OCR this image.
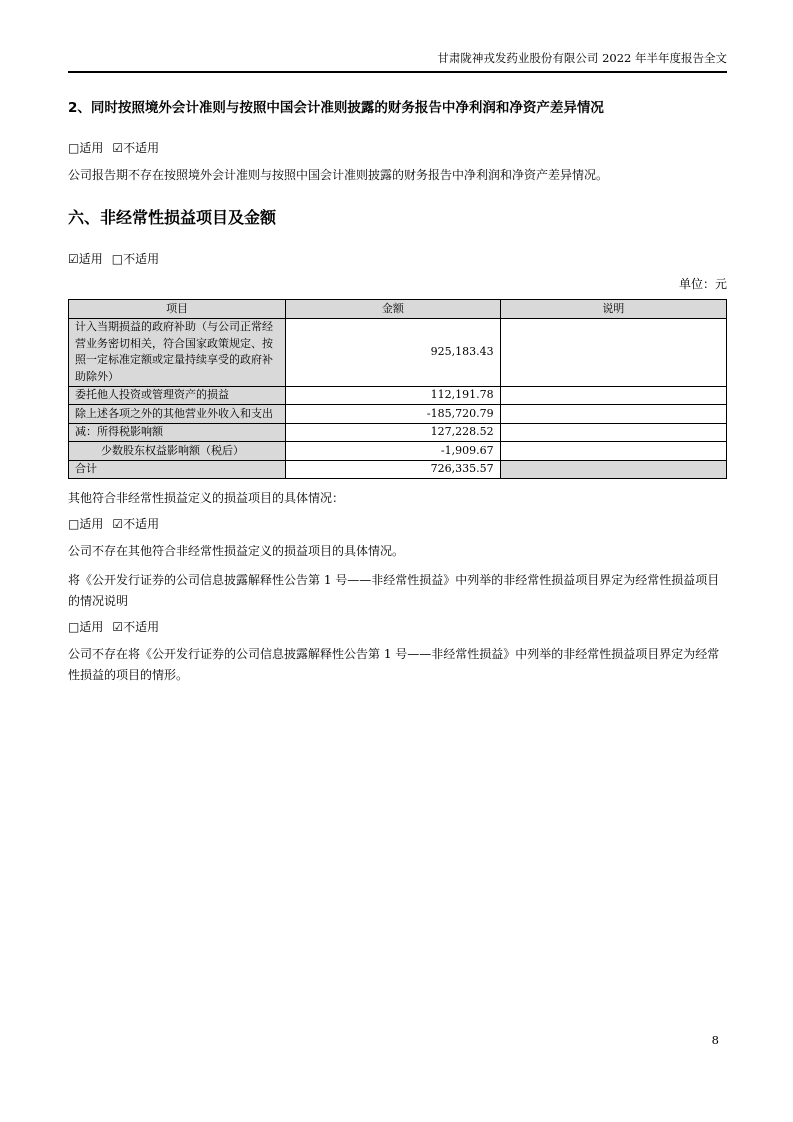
甘肃陇神戎发药业股份有限公司 2022 年半年度报告全文
2、同时按照境外会计准则与按照中国会计准则披露的财务报告中净利润和净资产差异情况
□适用 ☑不适用
公司报告期不存在按照境外会计准则与按照中国会计准则披露的财务报告中净利润和净资产差异情况。
六、非经常性损益项目及金额
☑适用 □不适用
单位：元
项目	金额	说明
计入当期损益的政府补助（与公司正常经营业务密切相关，符合国家政策规定、按照一定标准定额或定量持续享受的政府补助除外）	925,183.43	
委托他人投资或管理资产的损益	112,191.78	
除上述各项之外的其他营业外收入和支出	-185,720.79	
减：所得税影响额	127,228.52	
少数股东权益影响额（税后）	-1,909.67	
合计	726,335.57	
其他符合非经常性损益定义的损益项目的具体情况：
□适用 ☑不适用
公司不存在其他符合非经常性损益定义的损益项目的具体情况。
将《公开发行证券的公司信息披露解释性公告第 1 号——非经常性损益》中列举的非经常性损益项目界定为经常性损益项目的情况说明
□适用 ☑不适用
公司不存在将《公开发行证券的公司信息披露解释性公告第 1 号——非经常性损益》中列举的非经常性损益项目界定为经常性损益的项目的情形。
8
